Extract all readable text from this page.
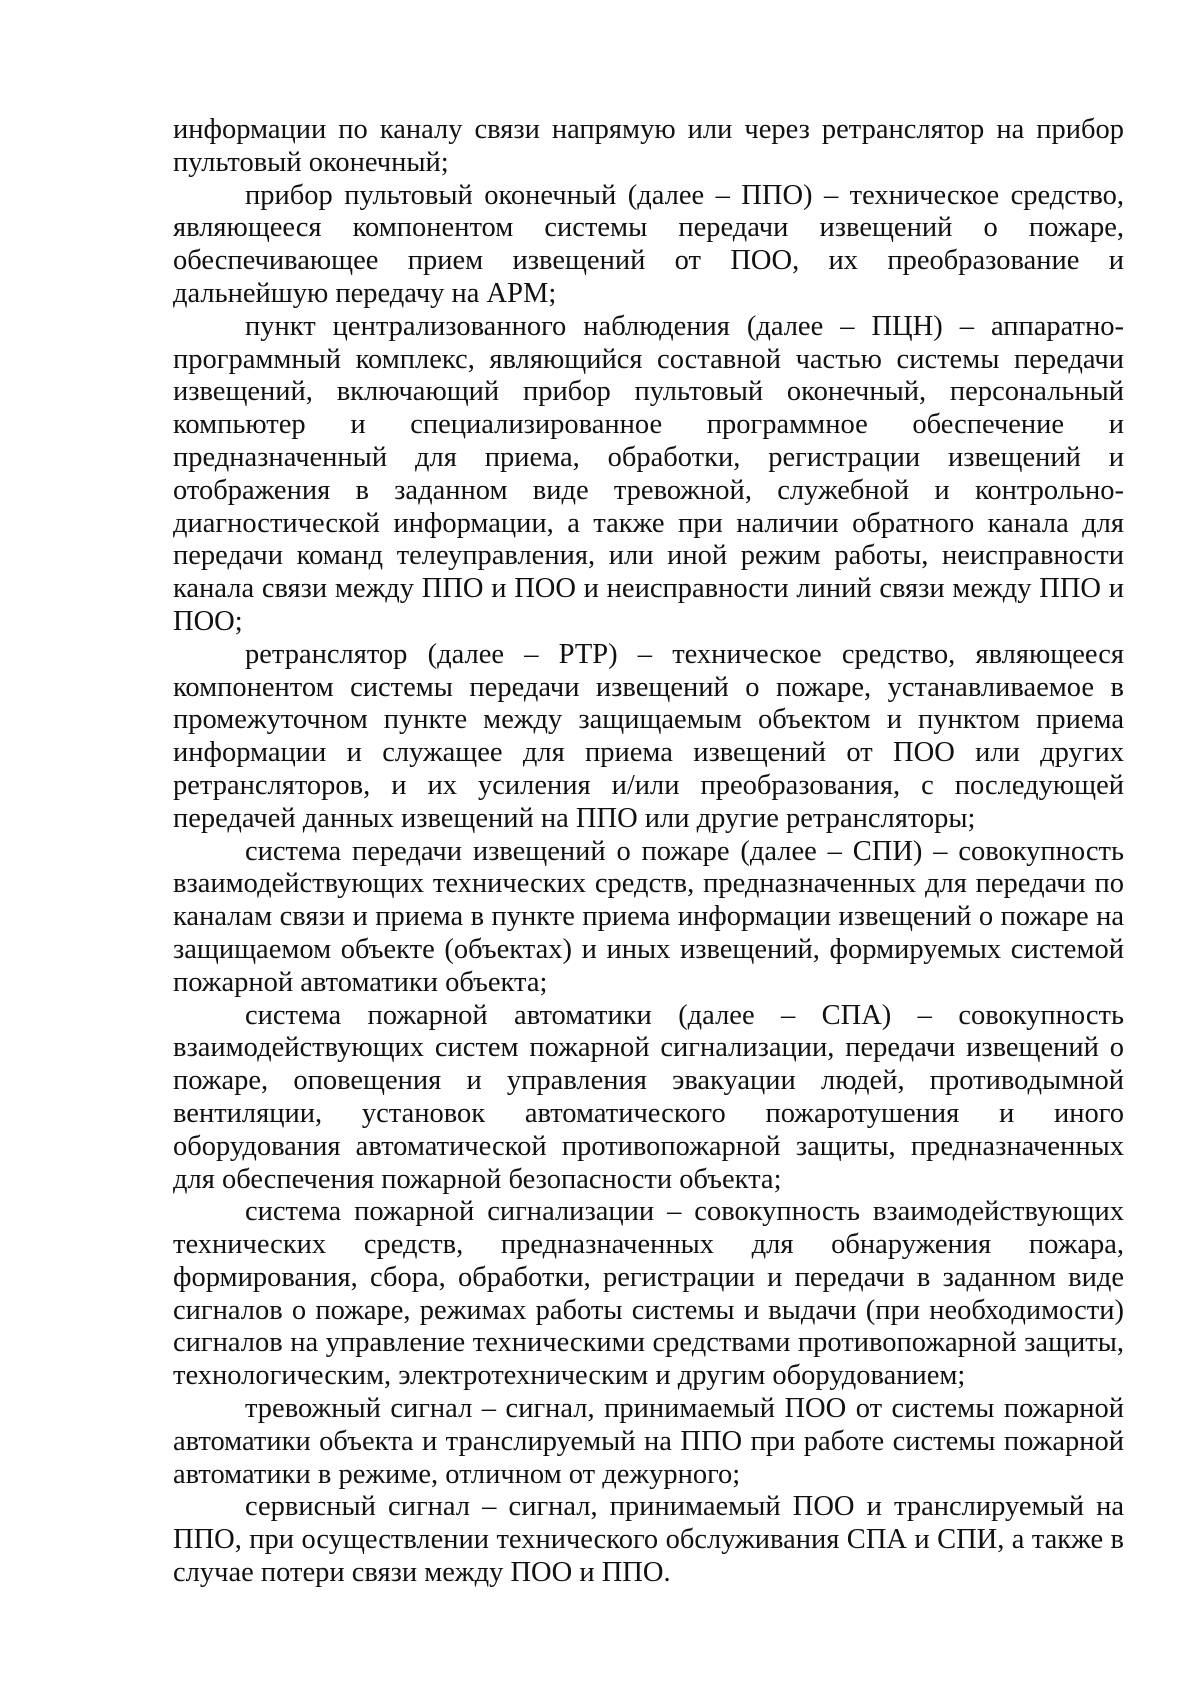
информации по каналу связи напрямую или через ретранслятор на прибор пультовый оконечный;

прибор пультовый оконечный (далее – ППО) – техническое средство, являющееся компонентом системы передачи извещений о пожаре, обеспечивающее прием извещений от ПОО, их преобразование и дальнейшую передачу на АРМ;

пункт централизованного наблюдения (далее – ПЦН) – аппаратно-программный комплекс, являющийся составной частью системы передачи извещений, включающий прибор пультовый оконечный, персональный компьютер и специализированное программное обеспечение и предназначенный для приема, обработки, регистрации извещений и отображения в заданном виде тревожной, служебной и контрольно-диагностической информации, а также при наличии обратного канала для передачи команд телеуправления, или иной режим работы, неисправности канала связи между ППО и ПОО и неисправности линий связи между ППО и ПОО;

ретранслятор (далее – РТР) – техническое средство, являющееся компонентом системы передачи извещений о пожаре, устанавливаемое в промежуточном пункте между защищаемым объектом и пунктом приема информации и служащее для приема извещений от ПОО или других ретрансляторов, и их усиления и/или преобразования, с последующей передачей данных извещений на ППО или другие ретрансляторы;

система передачи извещений о пожаре (далее – СПИ) – совокупность взаимодействующих технических средств, предназначенных для передачи по каналам связи и приема в пункте приема информации извещений о пожаре на защищаемом объекте (объектах) и иных извещений, формируемых системой пожарной автоматики объекта;

система пожарной автоматики (далее – СПА) – совокупность взаимодействующих систем пожарной сигнализации, передачи извещений о пожаре, оповещения и управления эвакуации людей, противодымной вентиляции, установок автоматического пожаротушения и иного оборудования автоматической противопожарной защиты, предназначенных для обеспечения пожарной безопасности объекта;

система пожарной сигнализации – совокупность взаимодействующих технических средств, предназначенных для обнаружения пожара, формирования, сбора, обработки, регистрации и передачи в заданном виде сигналов о пожаре, режимах работы системы и выдачи (при необходимости) сигналов на управление техническими средствами противопожарной защиты, технологическим, электротехническим и другим оборудованием;

тревожный сигнал – сигнал, принимаемый ПОО от системы пожарной автоматики объекта и транслируемый на ППО при работе системы пожарной автоматики в режиме, отличном от дежурного;

сервисный сигнал – сигнал, принимаемый ПОО и транслируемый на ППО, при осуществлении технического обслуживания СПА и СПИ, а также в случае потери связи между ПОО и ППО.
